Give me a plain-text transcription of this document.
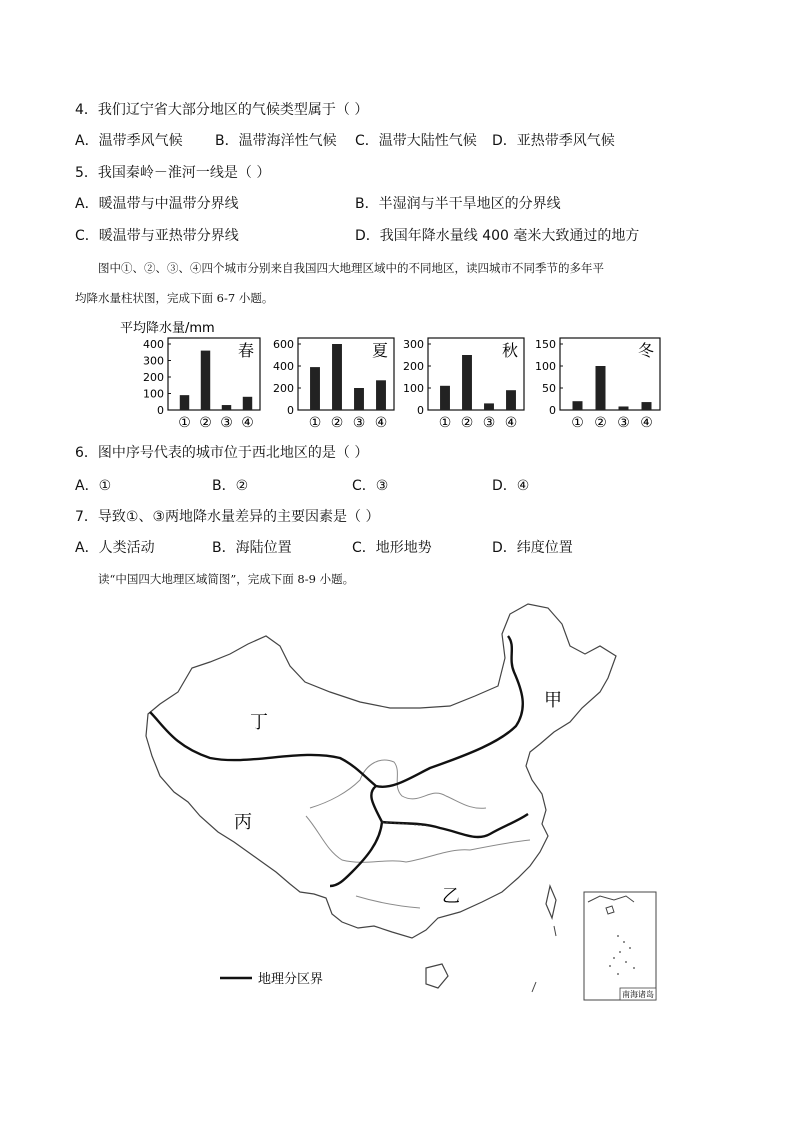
4．我们辽宁省大部分地区的气候类型属于（ ）
A．温带季风气候 B．温带海洋性气候 C．温带大陆性气候 D．亚热带季风气候
5．我国秦岭－淮河一线是（ ）
A．暖温带与中温带分界线	B．半湿润与半干旱地区的分界线
C．暖温带与亚热带分界线	D．我国年降水量线 400 毫米大致通过的地方
图中①、②、③、④四个城市分别来自我国四大地理区域中的不同地区，读四城市不同季节的多年平
均降水量柱状图，完成下面 6-7 小题。
春
400
300
200
100
0
① ② ③ ④
夏
600
400
200
0
① ② ③ ④
秋
300
200
100
0
① ② ③ ④
冬
150
100
50
0
① ② ③ ④
平均降水量/mm
6．图中序号代表的城市位于西北地区的是（ ）
A．①	B．②	C．③	D．④
7．导致①、③两地降水量差异的主要因素是（ ）
A．人类活动	B．海陆位置	C．地形地势	D．纬度位置
读“中国四大地理区域简图”，完成下面 8-9 小题。
甲
乙
丙
丁
地理分区界
南海诸岛
